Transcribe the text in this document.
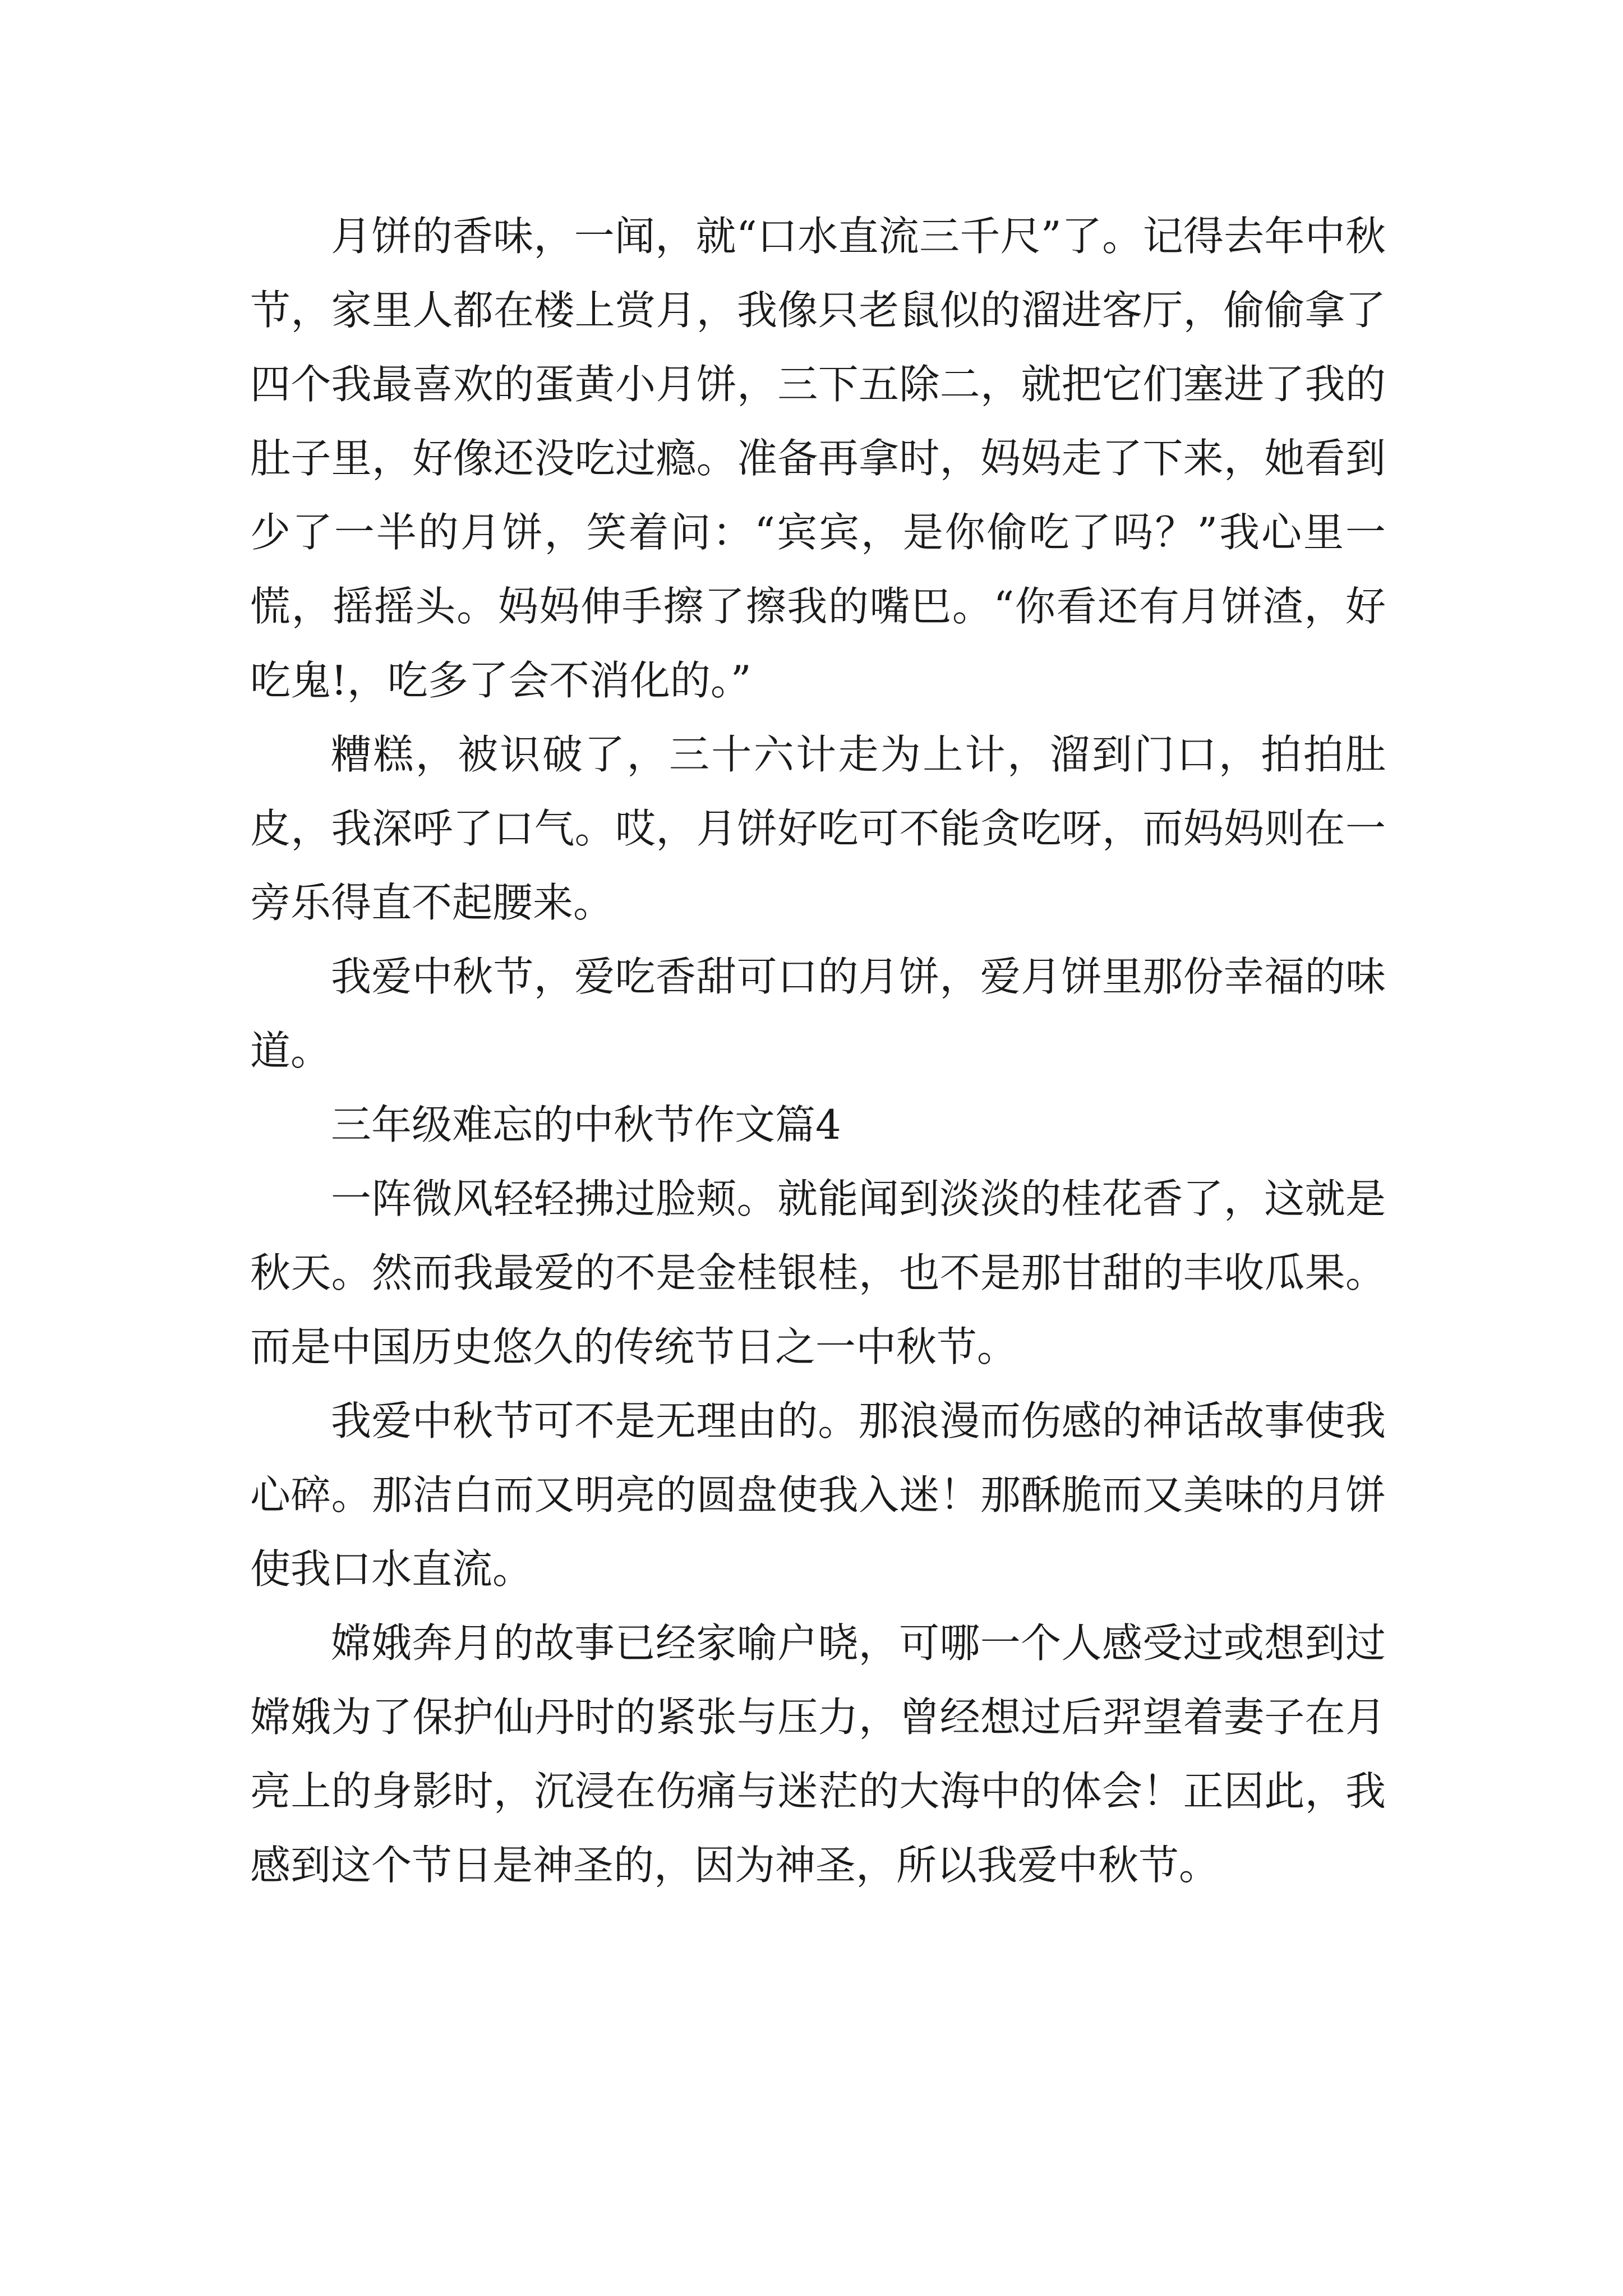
月饼的香味，一闻，就“口水直流三千尺”了。记得去年中秋节，家里人都在楼上赏月，我像只老鼠似的溜进客厅，偷偷拿了四个我最喜欢的蛋黄小月饼，三下五除二，就把它们塞进了我的肚子里，好像还没吃过瘾。准备再拿时，妈妈走了下来，她看到少了一半的月饼，笑着问：“宾宾，是你偷吃了吗？”我心里一慌，摇摇头。妈妈伸手擦了擦我的嘴巴。“你看还有月饼渣，好吃鬼!，吃多了会不消化的。”

糟糕，被识破了，三十六计走为上计，溜到门口，拍拍肚皮，我深呼了口气。哎，月饼好吃可不能贪吃呀，而妈妈则在一旁乐得直不起腰来。

我爱中秋节，爱吃香甜可口的月饼，爱月饼里那份幸福的味道。

三年级难忘的中秋节作文篇4

一阵微风轻轻拂过脸颊。就能闻到淡淡的桂花香了，这就是秋天。然而我最爱的不是金桂银桂，也不是那甘甜的丰收瓜果。而是中国历史悠久的传统节日之一中秋节。

我爱中秋节可不是无理由的。那浪漫而伤感的神话故事使我心碎。那洁白而又明亮的圆盘使我入迷！那酥脆而又美味的月饼使我口水直流。

嫦娥奔月的故事已经家喻户晓，可哪一个人感受过或想到过嫦娥为了保护仙丹时的紧张与压力，曾经想过后羿望着妻子在月亮上的身影时，沉浸在伤痛与迷茫的大海中的体会！正因此，我感到这个节日是神圣的，因为神圣，所以我爱中秋节。
